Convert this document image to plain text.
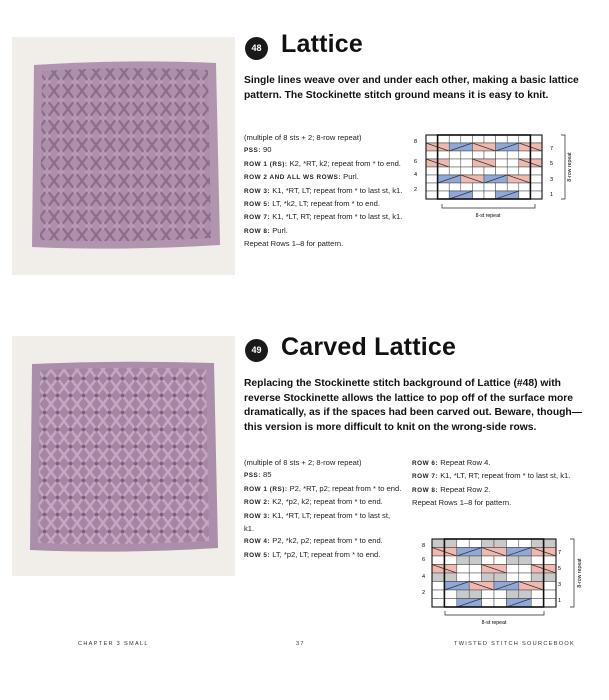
48 Lattice
Single lines weave over and under each other, making a basic lattice pattern. The Stockinette stitch ground means it is easy to knit.

(multiple of 8 sts + 2; 8-row repeat)

PSS: 90

ROW 1 (RS): K2, *RT, k2; repeat from * to end.

ROW 2 AND ALL WS ROWS: Purl.

ROW 3: K1, *RT, LT; repeat from * to last st, k1.

ROW 5: LT, *k2, LT; repeat from * to end.

ROW 7: K1, *LT, RT; repeat from * to last st, k1.

ROW 8: Purl.

Repeat Rows 1–8 for pattern.

8
6
4
2
7
5
3
1
8-st repeat
8-row repeat
49 Carved Lattice
Replacing the Stockinette stitch background of Lattice (#48) with reverse Stockinette allows the lattice to pop off of the surface more dramatically, as if the spaces had been carved out. Beware, though—this version is more difficult to knit on the wrong-side rows.

(multiple of 8 sts + 2; 8-row repeat)

PSS: 85

ROW 1 (RS): P2, *RT, p2; repeat from * to end.

ROW 2: K2, *p2, k2; repeat from * to end.

ROW 3: K1, *RT, LT; repeat from * to last st, k1.

ROW 4: P2, *k2, p2; repeat from * to end.

ROW 5: LT, *p2, LT; repeat from * to end.

ROW 6: Repeat Row 4.

ROW 7: K1, *LT, RT; repeat from * to last st, k1.

ROW 8: Repeat Row 2.

Repeat Rows 1–8 for pattern.

8
6
4
2
7
5
3
1
8-st repeat
8-row repeat
CHAPTER 3 SMALL	37	TWISTED STITCH SOURCEBOOK
